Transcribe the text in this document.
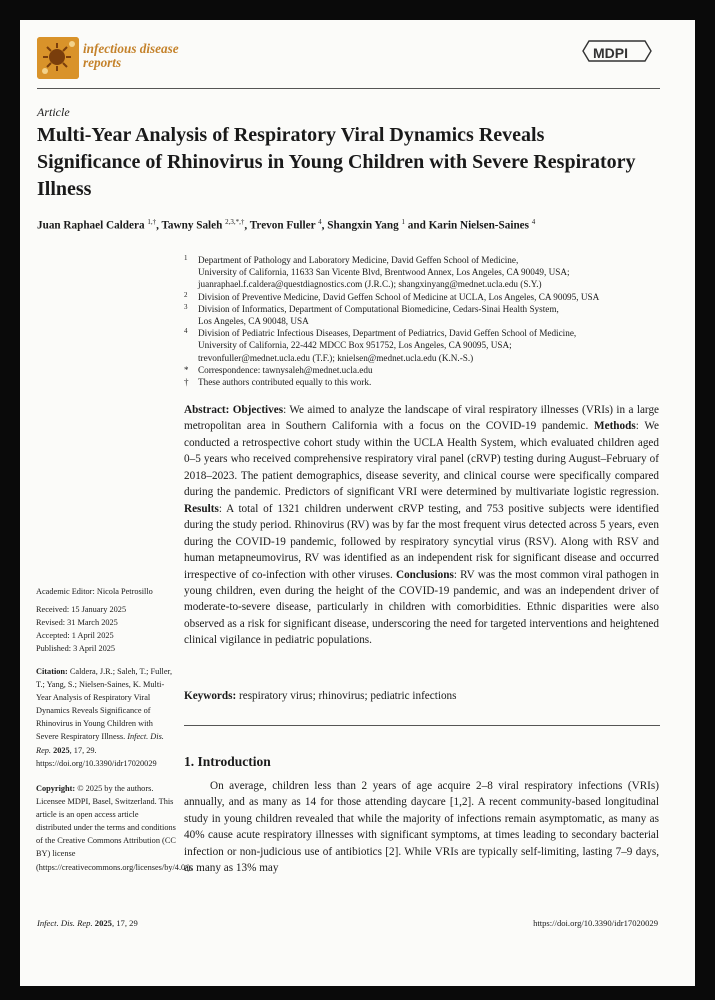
infectious disease
reports
MDPI
Article
Multi-Year Analysis of Respiratory Viral Dynamics Reveals Significance of Rhinovirus in Young Children with Severe Respiratory Illness
Juan Raphael Caldera $^{1,\dagger}$, Tawny Saleh $^{2,3,*,\dagger}$, Trevon Fuller $^4$, Shangxin Yang $^1$ and Karin Nielsen-Saines $^4$
1 Department of Pathology and Laboratory Medicine, David Geffen School of Medicine,
University of California, 11633 San Vicente Blvd, Brentwood Annex, Los Angeles, CA 90049, USA;
juanraphael.f.caldera@questdiagnostics.com (J.R.C.); shangxinyang@mednet.ucla.edu (S.Y.)
2 Division of Preventive Medicine, David Geffen School of Medicine at UCLA, Los Angeles, CA 90095, USA
3 Division of Informatics, Department of Computational Biomedicine, Cedars-Sinai Health System,
Los Angeles, CA 90048, USA
4 Division of Pediatric Infectious Diseases, Department of Pediatrics, David Geffen School of Medicine,
University of California, 22-442 MDCC Box 951752, Los Angeles, CA 90095, USA;
trevonfuller@mednet.ucla.edu (T.F.); knielsen@mednet.ucla.edu (K.N.-S.)
* Correspondence: tawnysaleh@mednet.ucla.edu
† These authors contributed equally to this work.
Abstract: Objectives: We aimed to analyze the landscape of viral respiratory illnesses (VRIs) in a large metropolitan area in Southern California with a focus on the COVID-19 pandemic. Methods: We conducted a retrospective cohort study within the UCLA Health System, which evaluated children aged 0–5 years who received comprehensive respiratory viral panel (cRVP) testing during August–February of 2018–2023. The patient demographics, disease severity, and clinical course were specifically compared during the pandemic. Predictors of significant VRI were determined by multivariate logistic regression. Results: A total of 1321 children underwent cRVP testing, and 753 positive subjects were identified during the study period. Rhinovirus (RV) was by far the most frequent virus detected across 5 years, even during the COVID-19 pandemic, followed by respiratory syncytial virus (RSV). Along with RSV and human metapneumovirus, RV was identified as an independent risk for significant disease and occurred irrespective of co-infection with other viruses. Conclusions: RV was the most common viral pathogen in young children, even during the height of the COVID-19 pandemic, and was an independent driver of moderate-to-severe disease, particularly in children with comorbidities. Ethnic disparities were also observed as a risk for significant disease, underscoring the need for targeted interventions and heightened clinical vigilance in pediatric populations.
Keywords: respiratory virus; rhinovirus; pediatric infections
Academic Editor: Nicola Petrosillo
Received: 15 January 2025
Revised: 31 March 2025
Accepted: 1 April 2025
Published: 3 April 2025
Citation: Caldera, J.R.; Saleh, T.; Fuller, T.; Yang, S.; Nielsen-Saines, K. Multi-Year Analysis of Respiratory Viral Dynamics Reveals Significance of Rhinovirus in Young Children with Severe Respiratory Illness. Infect. Dis. Rep. 2025, 17, 29. https://doi.org/10.3390/idr17020029
Copyright: © 2025 by the authors. Licensee MDPI, Basel, Switzerland. This article is an open access article distributed under the terms and conditions of the Creative Commons Attribution (CC BY) license (https://creativecommons.org/licenses/by/4.0/).
1. Introduction
On average, children less than 2 years of age acquire 2–8 viral respiratory infections (VRIs) annually, and as many as 14 for those attending daycare [1,2]. A recent community-based longitudinal study in young children revealed that while the majority of infections remain asymptomatic, as many as 40% cause acute respiratory illnesses with significant symptoms, at times leading to secondary bacterial infection or non-judicious use of antibiotics [2]. While VRIs are typically self-limiting, lasting 7–9 days, as many as 13% may
Infect. Dis. Rep. 2025, 17, 29	https://doi.org/10.3390/idr17020029
